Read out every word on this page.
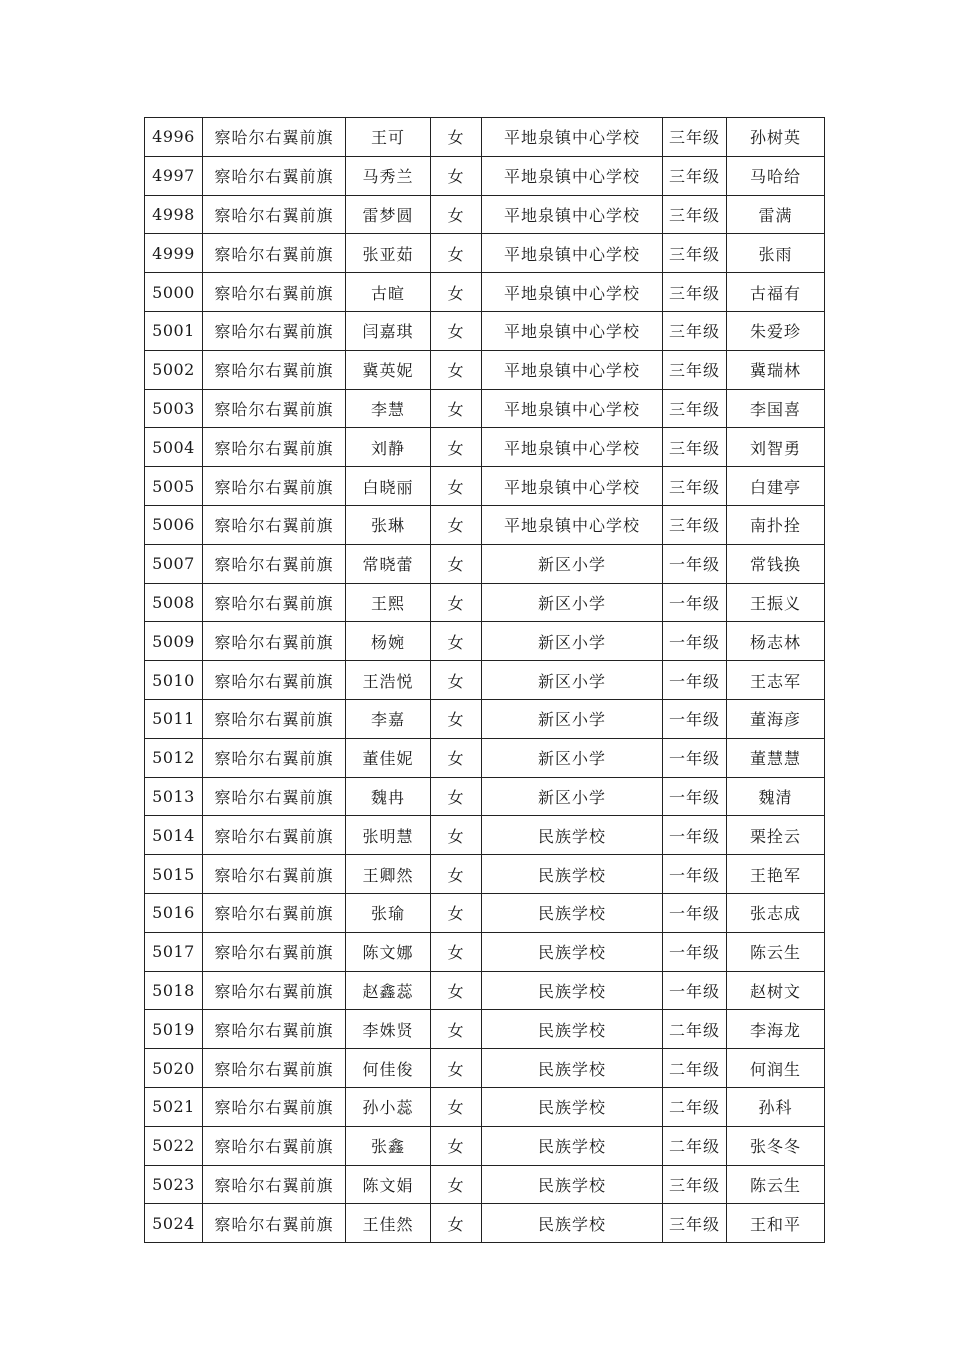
4996	察哈尔右翼前旗	王可	女	平地泉镇中心学校	三年级	孙树英
4997	察哈尔右翼前旗	马秀兰	女	平地泉镇中心学校	三年级	马哈给
4998	察哈尔右翼前旗	雷梦圆	女	平地泉镇中心学校	三年级	雷满
4999	察哈尔右翼前旗	张亚茹	女	平地泉镇中心学校	三年级	张雨
5000	察哈尔右翼前旗	古暄	女	平地泉镇中心学校	三年级	古福有
5001	察哈尔右翼前旗	闫嘉琪	女	平地泉镇中心学校	三年级	朱爱珍
5002	察哈尔右翼前旗	冀英妮	女	平地泉镇中心学校	三年级	冀瑞林
5003	察哈尔右翼前旗	李慧	女	平地泉镇中心学校	三年级	李国喜
5004	察哈尔右翼前旗	刘静	女	平地泉镇中心学校	三年级	刘智勇
5005	察哈尔右翼前旗	白晓丽	女	平地泉镇中心学校	三年级	白建亭
5006	察哈尔右翼前旗	张琳	女	平地泉镇中心学校	三年级	南扑拴
5007	察哈尔右翼前旗	常晓蕾	女	新区小学	一年级	常钱换
5008	察哈尔右翼前旗	王熙	女	新区小学	一年级	王振义
5009	察哈尔右翼前旗	杨婉	女	新区小学	一年级	杨志林
5010	察哈尔右翼前旗	王浩悦	女	新区小学	一年级	王志军
5011	察哈尔右翼前旗	李嘉	女	新区小学	一年级	董海彦
5012	察哈尔右翼前旗	董佳妮	女	新区小学	一年级	董慧慧
5013	察哈尔右翼前旗	魏冉	女	新区小学	一年级	魏清
5014	察哈尔右翼前旗	张明慧	女	民族学校	一年级	栗拴云
5015	察哈尔右翼前旗	王卿然	女	民族学校	一年级	王艳军
5016	察哈尔右翼前旗	张瑜	女	民族学校	一年级	张志成
5017	察哈尔右翼前旗	陈文娜	女	民族学校	一年级	陈云生
5018	察哈尔右翼前旗	赵鑫蕊	女	民族学校	一年级	赵树文
5019	察哈尔右翼前旗	李姝贤	女	民族学校	二年级	李海龙
5020	察哈尔右翼前旗	何佳俊	女	民族学校	二年级	何润生
5021	察哈尔右翼前旗	孙小蕊	女	民族学校	二年级	孙科
5022	察哈尔右翼前旗	张鑫	女	民族学校	二年级	张冬冬
5023	察哈尔右翼前旗	陈文娟	女	民族学校	三年级	陈云生
5024	察哈尔右翼前旗	王佳然	女	民族学校	三年级	王和平
